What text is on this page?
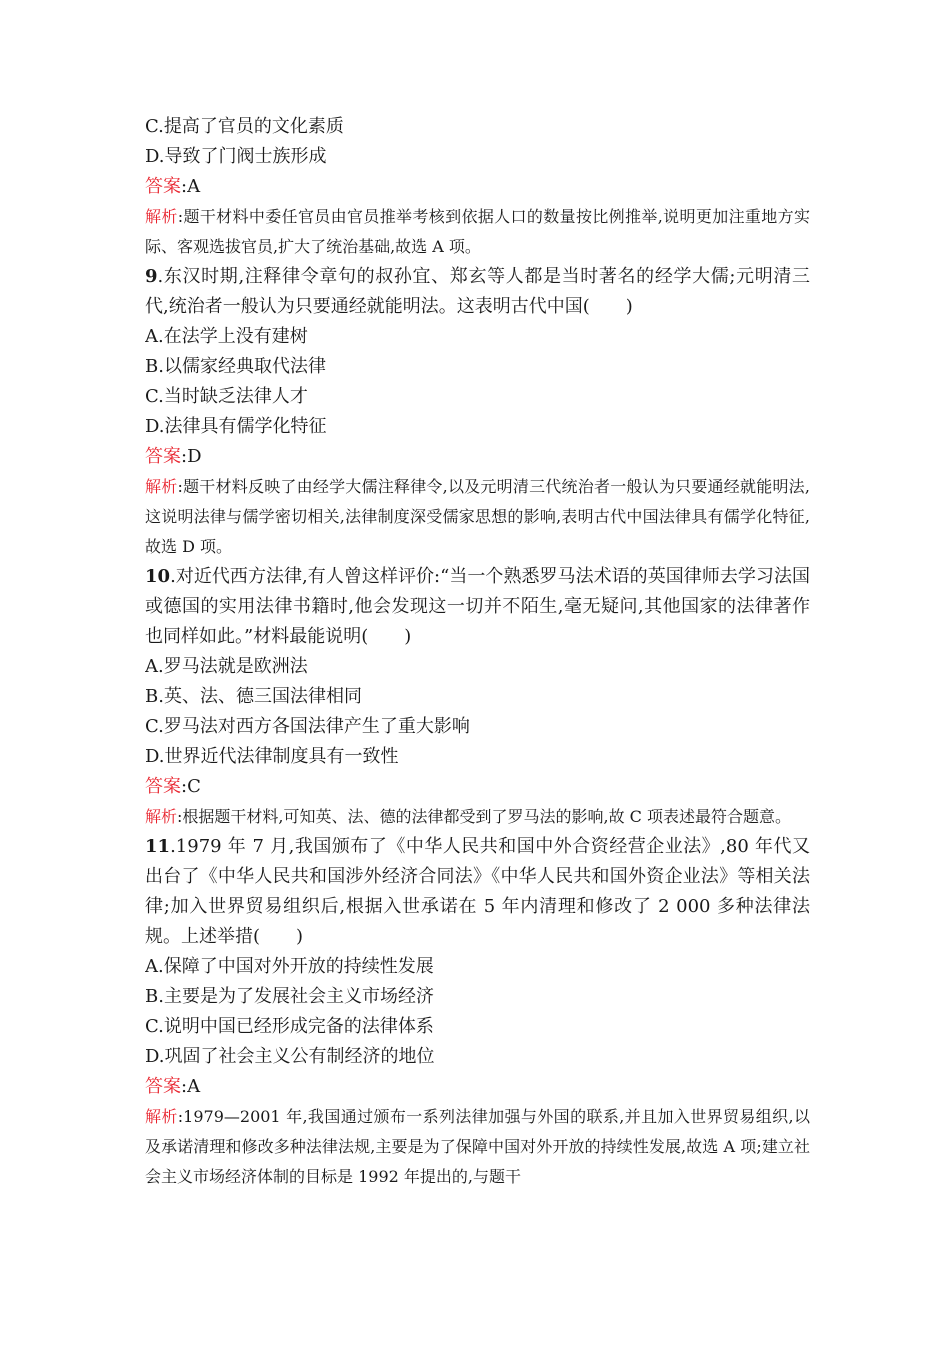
C.提高了官员的文化素质
D.导致了门阀士族形成
答案:A
解析:题干材料中委任官员由官员推举考核到依据人口的数量按比例推举,说明更加注重地方实际、客观选拔官员,扩大了统治基础,故选 A 项。
9.东汉时期,注释律令章句的叔孙宜、郑玄等人都是当时著名的经学大儒;元明清三代,统治者一般认为只要通经就能明法。这表明古代中国(　　)
A.在法学上没有建树
B.以儒家经典取代法律
C.当时缺乏法律人才
D.法律具有儒学化特征
答案:D
解析:题干材料反映了由经学大儒注释律令,以及元明清三代统治者一般认为只要通经就能明法,这说明法律与儒学密切相关,法律制度深受儒家思想的影响,表明古代中国法律具有儒学化特征,故选 D 项。
10.对近代西方法律,有人曾这样评价:“当一个熟悉罗马法术语的英国律师去学习法国或德国的实用法律书籍时,他会发现这一切并不陌生,毫无疑问,其他国家的法律著作也同样如此。”材料最能说明(　　)
A.罗马法就是欧洲法
B.英、法、德三国法律相同
C.罗马法对西方各国法律产生了重大影响
D.世界近代法律制度具有一致性
答案:C
解析:根据题干材料,可知英、法、德的法律都受到了罗马法的影响,故 C 项表述最符合题意。
11.1979 年 7 月,我国颁布了《中华人民共和国中外合资经营企业法》,80 年代又出台了《中华人民共和国涉外经济合同法》《中华人民共和国外资企业法》等相关法律;加入世界贸易组织后,根据入世承诺在 5 年内清理和修改了 2 000 多种法律法规。上述举措(　　)
A.保障了中国对外开放的持续性发展
B.主要是为了发展社会主义市场经济
C.说明中国已经形成完备的法律体系
D.巩固了社会主义公有制经济的地位
答案:A
解析:1979—2001 年,我国通过颁布一系列法律加强与外国的联系,并且加入世界贸易组织,以及承诺清理和修改多种法律法规,主要是为了保障中国对外开放的持续性发展,故选 A 项;建立社会主义市场经济体制的目标是 1992 年提出的,与题干
